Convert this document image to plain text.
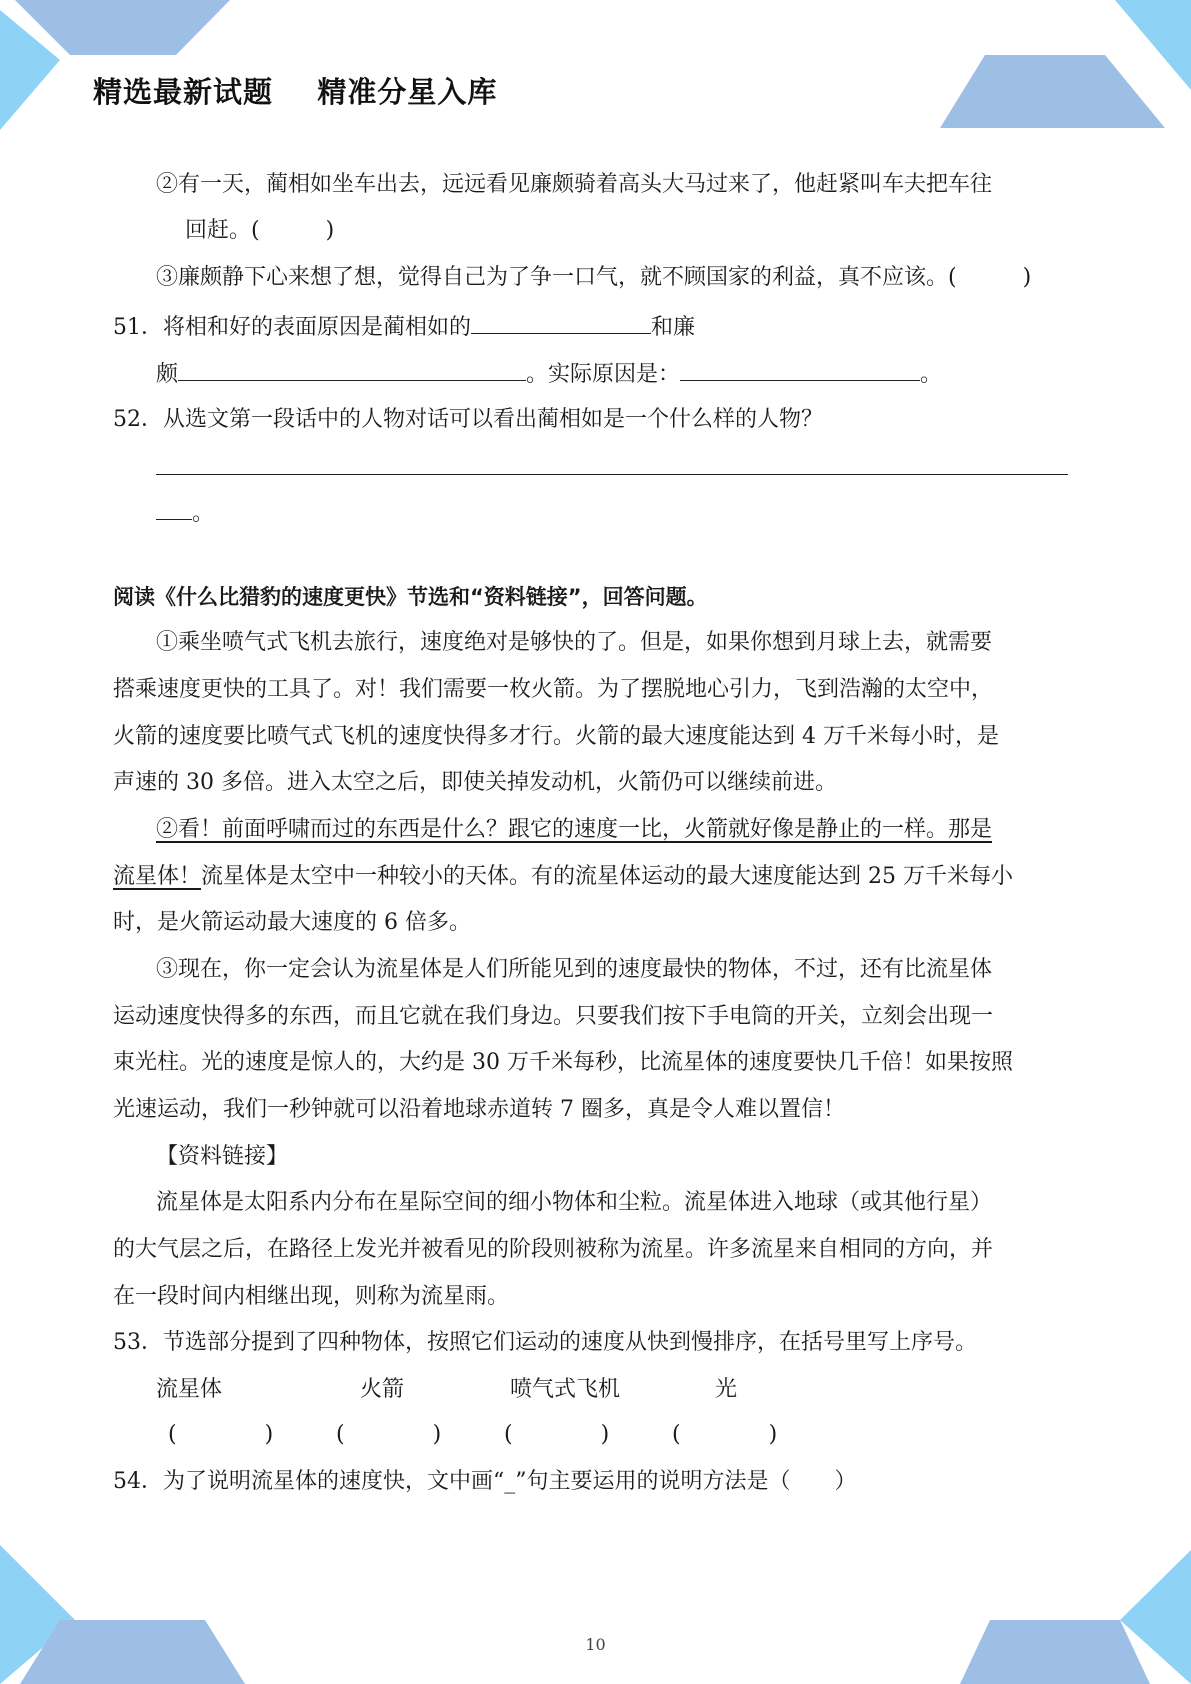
精选最新试题    精准分星入库
②有一天，蔺相如坐车出去，远远看见廉颇骑着高头大马过来了，他赶紧叫车夫把车往
回赶。(　　　)
③廉颇静下心来想了想，觉得自己为了争一口气，就不顾国家的利益，真不应该。(　　　)
51．将相和好的表面原因是蔺相如的	和廉
颇	。实际原因是：	。
52．从选文第一段话中的人物对话可以看出蔺相如是一个什么样的人物？
。
阅读《什么比猎豹的速度更快》节选和“资料链接”，回答问题。
①乘坐喷气式飞机去旅行，速度绝对是够快的了。但是，如果你想到月球上去，就需要
搭乘速度更快的工具了。对！我们需要一枚火箭。为了摆脱地心引力，飞到浩瀚的太空中，
火箭的速度要比喷气式飞机的速度快得多才行。火箭的最大速度能达到 4 万千米每小时，是
声速的 30 多倍。进入太空之后，即使关掉发动机，火箭仍可以继续前进。
②看！前面呼啸而过的东西是什么？跟它的速度一比，火箭就好像是静止的一样。那是
流星体！流星体是太空中一种较小的天体。有的流星体运动的最大速度能达到 25 万千米每小
时，是火箭运动最大速度的 6 倍多。
③现在，你一定会认为流星体是人们所能见到的速度最快的物体，不过，还有比流星体
运动速度快得多的东西，而且它就在我们身边。只要我们按下手电筒的开关，立刻会出现一
束光柱。光的速度是惊人的，大约是 30 万千米每秒，比流星体的速度要快几千倍！如果按照
光速运动，我们一秒钟就可以沿着地球赤道转 7 圈多，真是令人难以置信！
【资料链接】
流星体是太阳系内分布在星际空间的细小物体和尘粒。流星体进入地球（或其他行星）
的大气层之后，在路径上发光并被看见的阶段则被称为流星。许多流星来自相同的方向，并
在一段时间内相继出现，则称为流星雨。
53．节选部分提到了四种物体，按照它们运动的速度从快到慢排序，在括号里写上序号。
流星体	火箭	喷气式飞机	光
(　　　　)	(　　　　)	(　　　　)	(　　　　)
54．为了说明流星体的速度快，文中画“_”句主要运用的说明方法是（　　）
10
